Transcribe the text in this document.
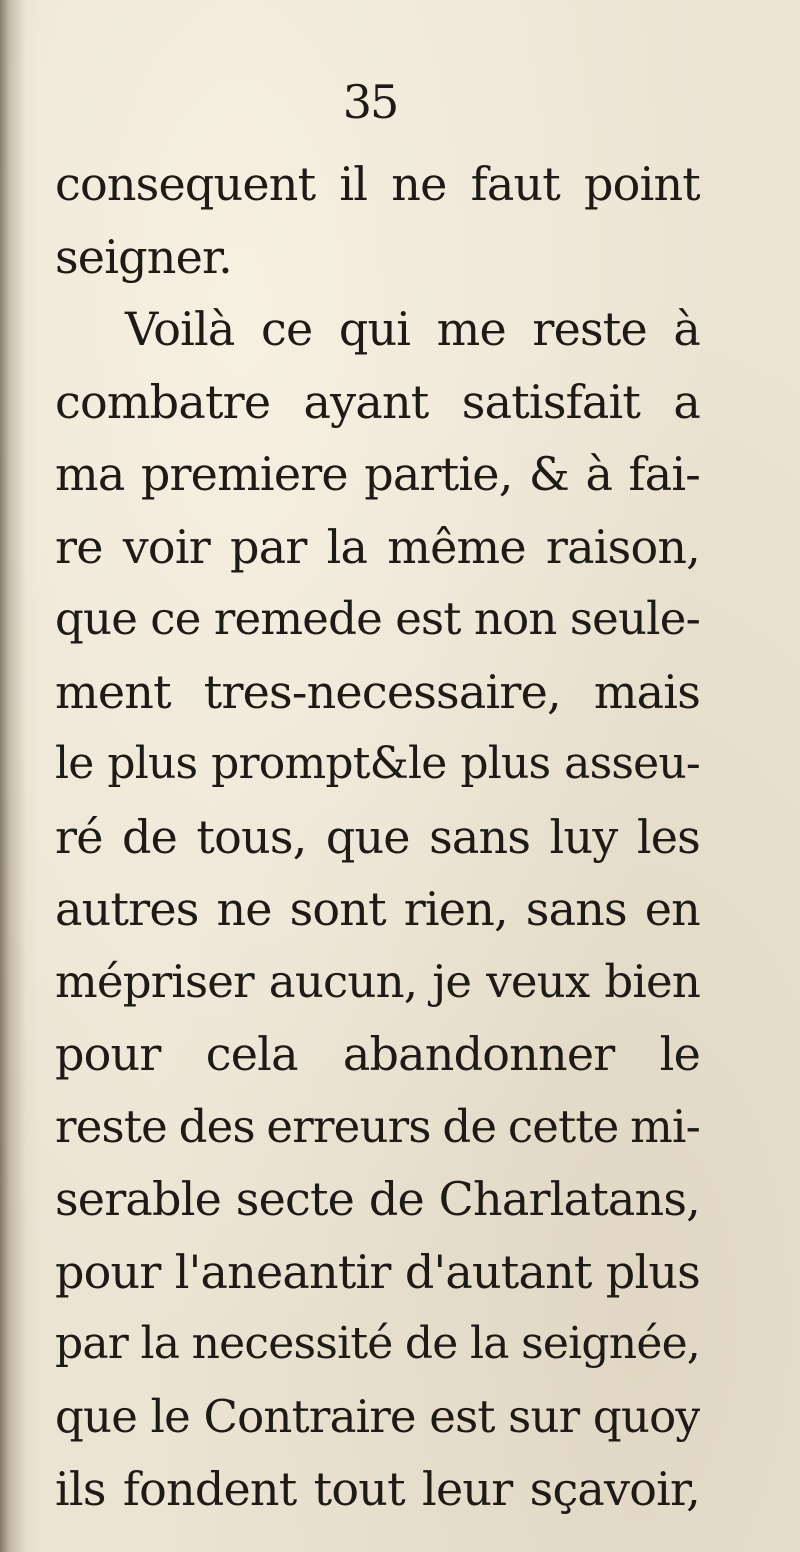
35
consequent il ne faut point
seigner.
Voilà ce qui me reste à
combatre ayant satisfait a
ma premiere partie, & à fai-
re voir par la même raison,
que ce remede est non seule-
ment tres-necessaire, mais
le plus prompt&le plus asseu-
ré de tous, que sans luy les
autres ne sont rien, sans en
mépriser aucun, je veux bien
pour cela abandonner le
reste des erreurs de cette mi-
serable secte de Charlatans,
pour l'aneantir d'autant plus
par la necessité de la seignée,
que le Contraire est sur quoy
ils fondent tout leur sçavoir,
